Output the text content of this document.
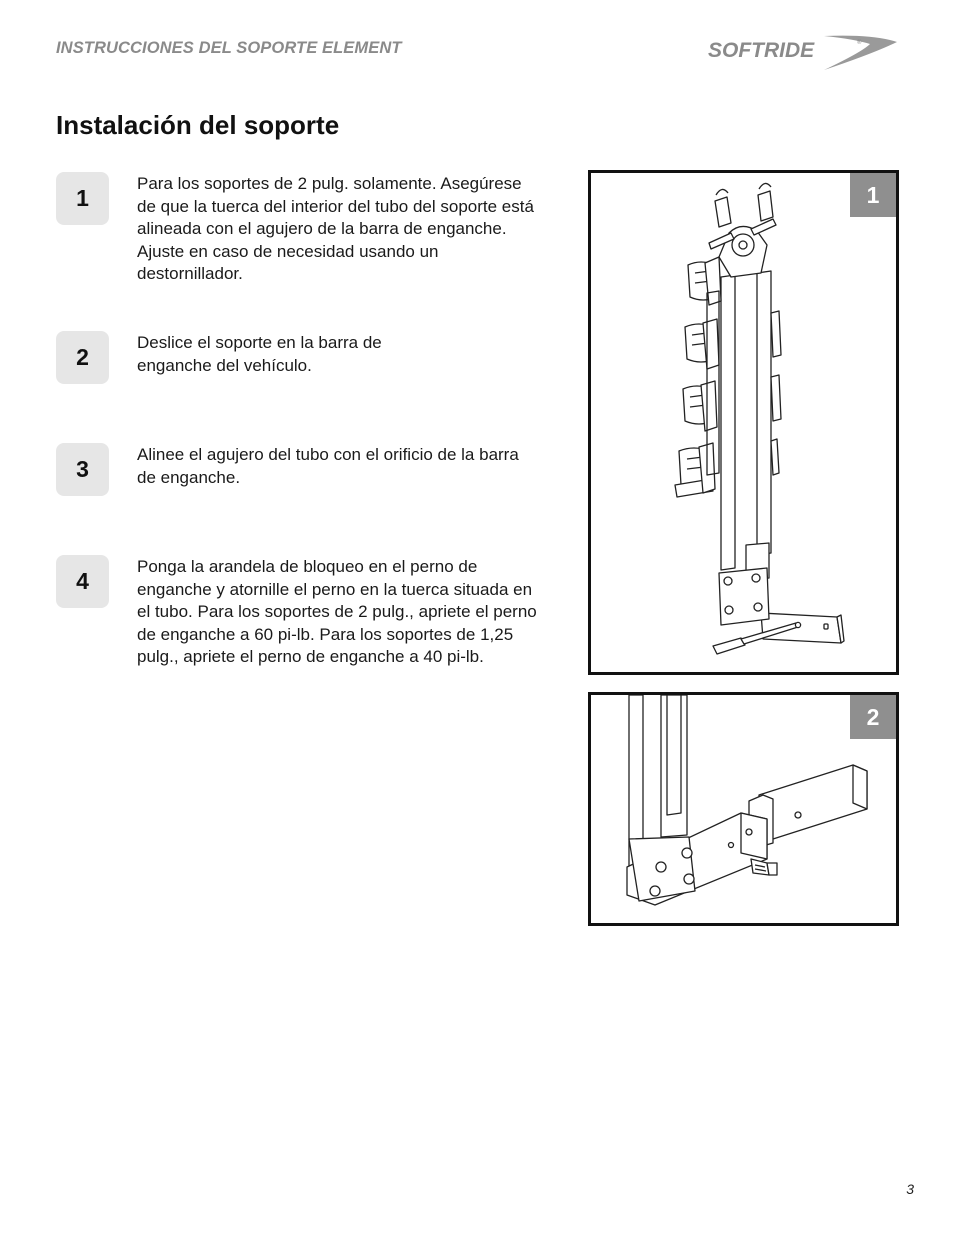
INSTRUCCIONES DEL SOPORTE ELEMENT	SOFTRIDE	®
Instalación del soporte
1
Para los soportes de 2 pulg. solamente. Asegúrese de que la tuerca del interior del tubo del soporte está alineada con el agujero de la barra de enganche. Ajuste en caso de necesidad usando un destornillador.
2
Deslice el soporte en la barra de enganche del vehículo.
3
Alinee el agujero del tubo con el orificio de la barra de enganche.
4
Ponga la arandela de bloqueo en el perno de enganche y atornille el perno en la tuerca situada en el tubo. Para los soportes de 2 pulg., apriete el perno de enganche a 60 pi-lb. Para los soportes de 1,25 pulg., apriete el perno de enganche a 40 pi-lb.
1
2
3
